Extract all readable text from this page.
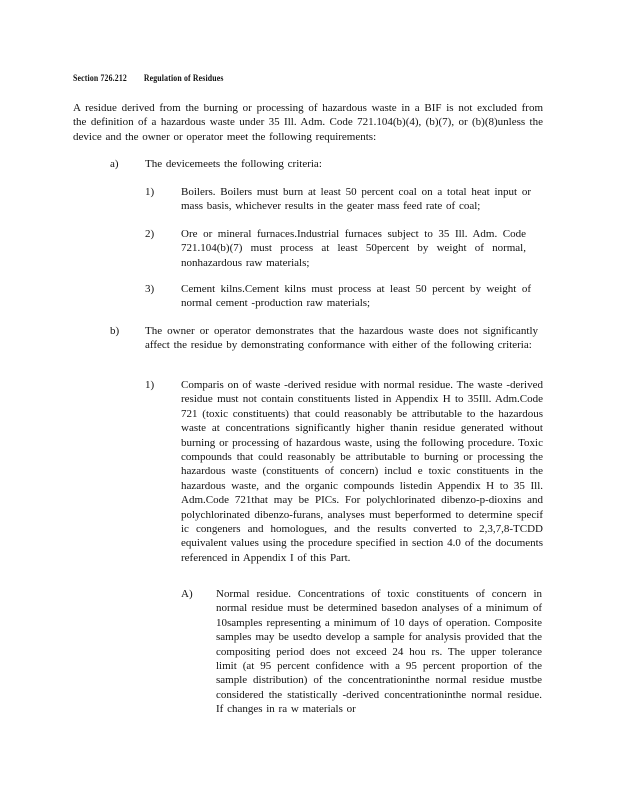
Section 726.212 Regulation of Residues
A residue derived from the burning or processing of hazardous waste in a BIF is not excluded from the definition of a hazardous waste under 35 Ill. Adm. Code 721.104(b)(4), (b)(7), or (b)(8)unless the device and the owner or operator meet the following requirements:
a) The devicemeets the following criteria:
1) Boilers. Boilers must burn at least 50 percent coal on a total heat input or mass basis, whichever results in the geater mass feed rate of coal;
2) Ore or mineral furnaces.Industrial furnaces subject to 35 Ill. Adm. Code 721.104(b)(7) must process at least 50percent by weight of normal, nonhazardous raw materials;
3) Cement kilns.Cement kilns must process at least 50 percent by weight of normal cement -production raw materials;
b) The owner or operator demonstrates that the hazardous waste does not significantly affect the residue by demonstrating conformance with either of the following criteria:
1) Comparis on of waste -derived residue with normal residue. The waste -derived residue must not contain constituents listed in Appendix H to 35Ill. Adm.Code 721 (toxic constituents) that could reasonably be attributable to the hazardous waste at concentrations significantly higher thanin residue generated without burning or processing of hazardous waste, using the following procedure. Toxic compounds that could reasonably be attributable to burning or processing the hazardous waste (constituents of concern) includ e toxic constituents in the hazardous waste, and the organic compounds listedin Appendix H to 35 Ill. Adm.Code 721that may be PICs. For polychlorinated dibenzo-p-dioxins and polychlorinated dibenzo-furans, analyses must beperformed to determine specif ic congeners and homologues, and the results converted to 2,3,7,8-TCDD equivalent values using the procedure specified in section 4.0 of the documents referenced in Appendix I of this Part.
A) Normal residue. Concentrations of toxic constituents of concern in normal residue must be determined basedon analyses of a minimum of 10samples representing a minimum of 10 days of operation. Composite samples may be usedto develop a sample for analysis provided that the compositing period does not exceed 24 hou rs. The upper tolerance limit (at 95 percent confidence with a 95 percent proportion of the sample distribution) of the concentrationinthe normal residue mustbe considered the statistically -derived concentrationinthe normal residue. If changes in ra w materials or
